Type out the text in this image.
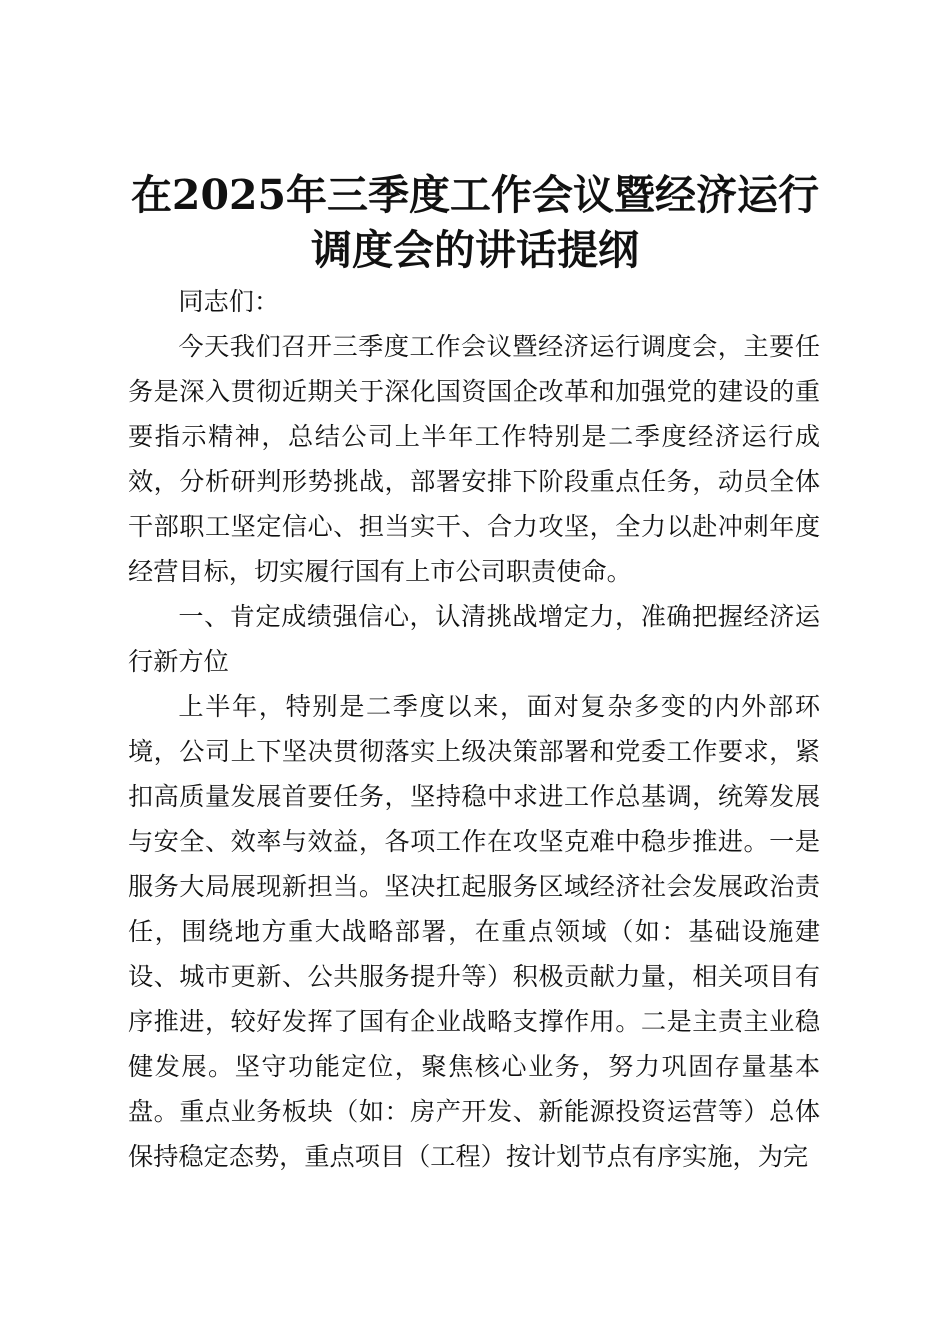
在2025年三季度工作会议暨经济运行
调度会的讲话提纲

同志们：

今天我们召开三季度工作会议暨经济运行调度会，主要任务是深入贯彻近期关于深化国资国企改革和加强党的建设的重要指示精神，总结公司上半年工作特别是二季度经济运行成效，分析研判形势挑战，部署安排下阶段重点任务，动员全体干部职工坚定信心、担当实干、合力攻坚，全力以赴冲刺年度经营目标，切实履行国有上市公司职责使命。

一、肯定成绩强信心，认清挑战增定力，准确把握经济运行新方位

上半年，特别是二季度以来，面对复杂多变的内外部环境，公司上下坚决贯彻落实上级决策部署和党委工作要求，紧扣高质量发展首要任务，坚持稳中求进工作总基调，统筹发展与安全、效率与效益，各项工作在攻坚克难中稳步推进。一是服务大局展现新担当。坚决扛起服务区域经济社会发展政治责任，围绕地方重大战略部署，在重点领域（如：基础设施建设、城市更新、公共服务提升等）积极贡献力量，相关项目有序推进，较好发挥了国有企业战略支撑作用。二是主责主业稳健发展。坚守功能定位，聚焦核心业务，努力巩固存量基本盘。重点业务板块（如：房产开发、新能源投资运营等）总体保持稳定态势，重点项目（工程）按计划节点有序实施，为完
